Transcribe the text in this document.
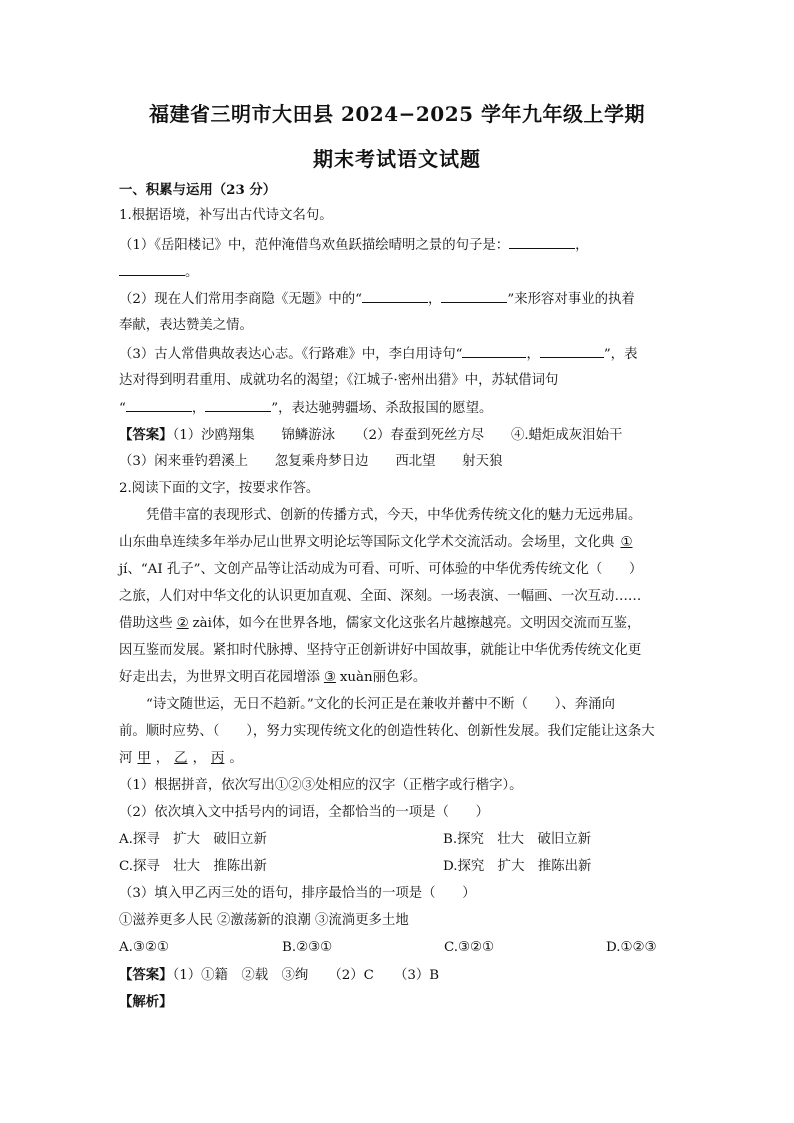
福建省三明市大田县 2024−2025 学年九年级上学期
期末考试语文试题
一、积累与运用（23 分）
1.根据语境，补写出古代诗文名句。
（1）《岳阳楼记》中，范仲淹借鸟欢鱼跃描绘晴明之景的句子是：	，
。
（2）现在人们常用李商隐《无题》中的“	，	”来形容对事业的执着
奉献，表达赞美之情。
（3）古人常借典故表达心志。《行路难》中，李白用诗句“	，	”，表
达对得到明君重用、成就功名的渴望；《江城子·密州出猎》中，苏轼借词句
“	，	”，表达驰骋疆场、杀敌报国的愿望。
【答案】（1）沙鸥翔集　　锦鳞游泳　　（2）春蚕到死丝方尽　　④.蜡炬成灰泪始干
（3）闲来垂钓碧溪上　　忽复乘舟梦日边　　西北望　　射天狼
2.阅读下面的文字，按要求作答。
凭借丰富的表现形式、创新的传播方式，今天，中华优秀传统文化的魅力无远弗届。
山东曲阜连续多年举办尼山世界文明论坛等国际文化学术交流活动。会场里，文化典 ①
jí、“AI 孔子”、文创产品等让活动成为可看、可听、可体验的中华优秀传统文化（　　）
之旅，人们对中华文化的认识更加直观、全面、深刻。一场表演、一幅画、一次互动……
借助这些 ② zài体，如今在世界各地，儒家文化这张名片越擦越亮。文明因交流而互鉴，
因互鉴而发展。紧扣时代脉搏、坚持守正创新讲好中国故事，就能让中华优秀传统文化更
好走出去，为世界文明百花园增添 ③ xuàn丽色彩。
“诗文随世运，无日不趋新。”文化的长河正是在兼收并蓄中不断（　　）、奔涌向
前。顺时应势、（　　），努力实现传统文化的创造性转化、创新性发展。我们定能让这条大
河 甲 ， 乙 ， 丙 。
（1）根据拼音，依次写出①②③处相应的汉字（正楷字或行楷字）。
（2）依次填入文中括号内的词语，全都恰当的一项是（　　）
A.探寻　扩大　破旧立新	B.探究　壮大　破旧立新
C.探寻　壮大　推陈出新	D.探究　扩大　推陈出新
（3）填入甲乙丙三处的语句，排序最恰当的一项是（　　）
①滋养更多人民 ②激荡新的浪潮 ③流淌更多土地
A.③②①	B.②③①	C.③②①	D.①②③
【答案】（1）①籍　②载　③绚　　（2）C　　（3）B
【解析】
